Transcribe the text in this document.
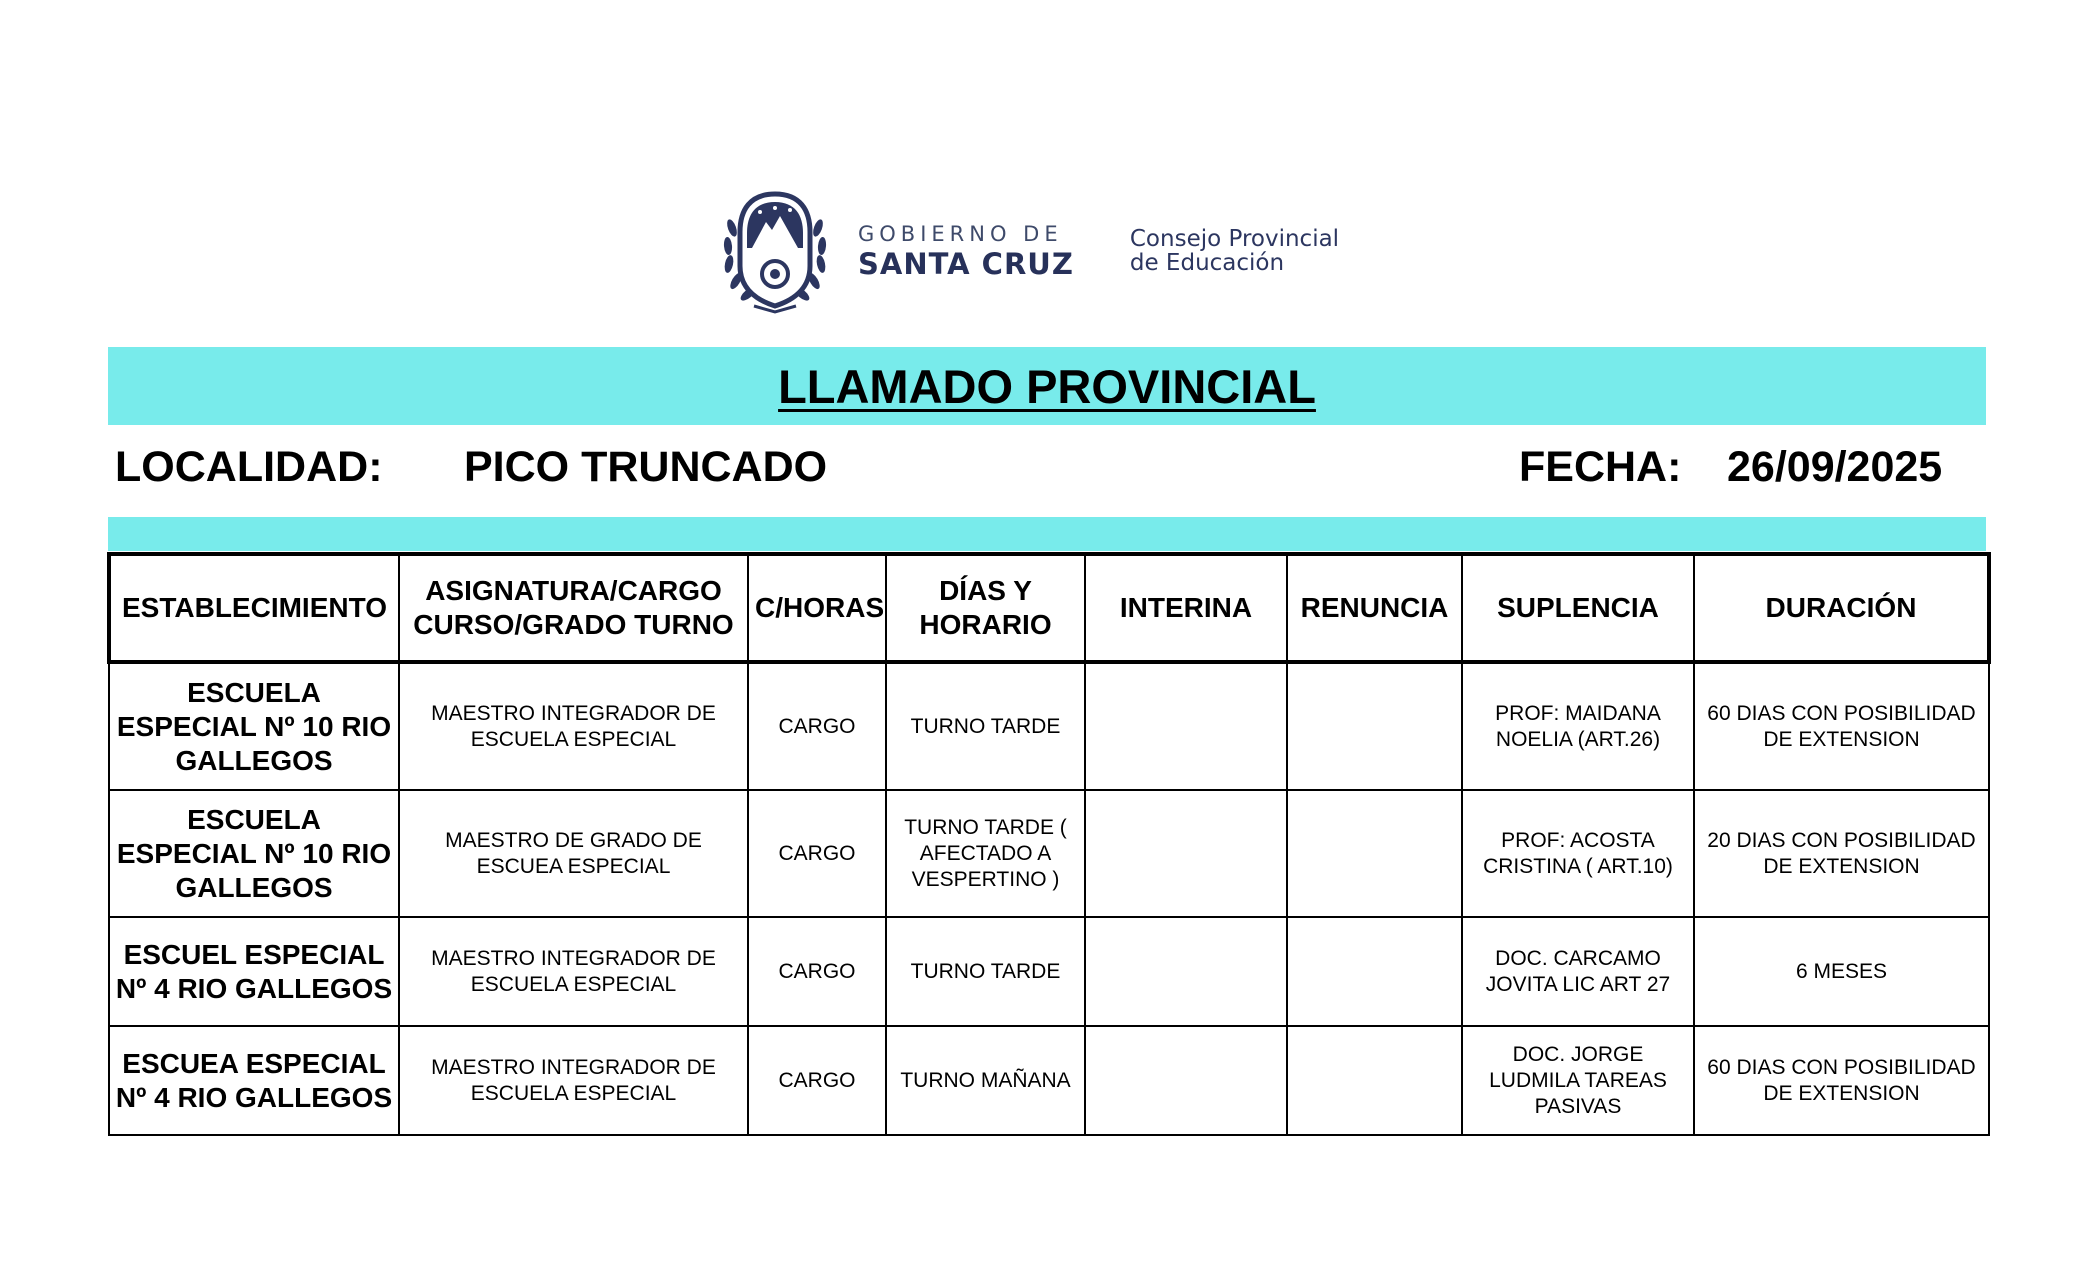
GOBIERNO DE
SANTA CRUZ
Consejo Provincial
de Educación
LLAMADO PROVINCIAL
LOCALIDAD: PICO TRUNCADO	FECHA: 26/09/2025
ESTABLECIMIENTO	ASIGNATURA/CARGO CURSO/GRADO TURNO	C/HORAS	DÍAS Y HORARIO	INTERINA	RENUNCIA	SUPLENCIA	DURACIÓN
ESCUELA ESPECIAL Nº 10 RIO GALLEGOS	MAESTRO INTEGRADOR DE ESCUELA ESPECIAL	CARGO	TURNO TARDE			PROF: MAIDANA NOELIA (ART.26)	60 DIAS CON POSIBILIDAD DE EXTENSION
ESCUELA ESPECIAL Nº 10 RIO GALLEGOS	MAESTRO DE GRADO DE ESCUEA ESPECIAL	CARGO	TURNO TARDE ( AFECTADO A VESPERTINO )			PROF: ACOSTA CRISTINA ( ART.10)	20 DIAS CON POSIBILIDAD DE EXTENSION
ESCUEL ESPECIAL Nº 4 RIO GALLEGOS	MAESTRO INTEGRADOR DE ESCUELA ESPECIAL	CARGO	TURNO TARDE			DOC. CARCAMO JOVITA LIC ART 27	6 MESES
ESCUEA ESPECIAL Nº 4 RIO GALLEGOS	MAESTRO INTEGRADOR DE ESCUELA ESPECIAL	CARGO	TURNO MAÑANA			DOC. JORGE LUDMILA TAREAS PASIVAS	60 DIAS CON POSIBILIDAD DE EXTENSION
